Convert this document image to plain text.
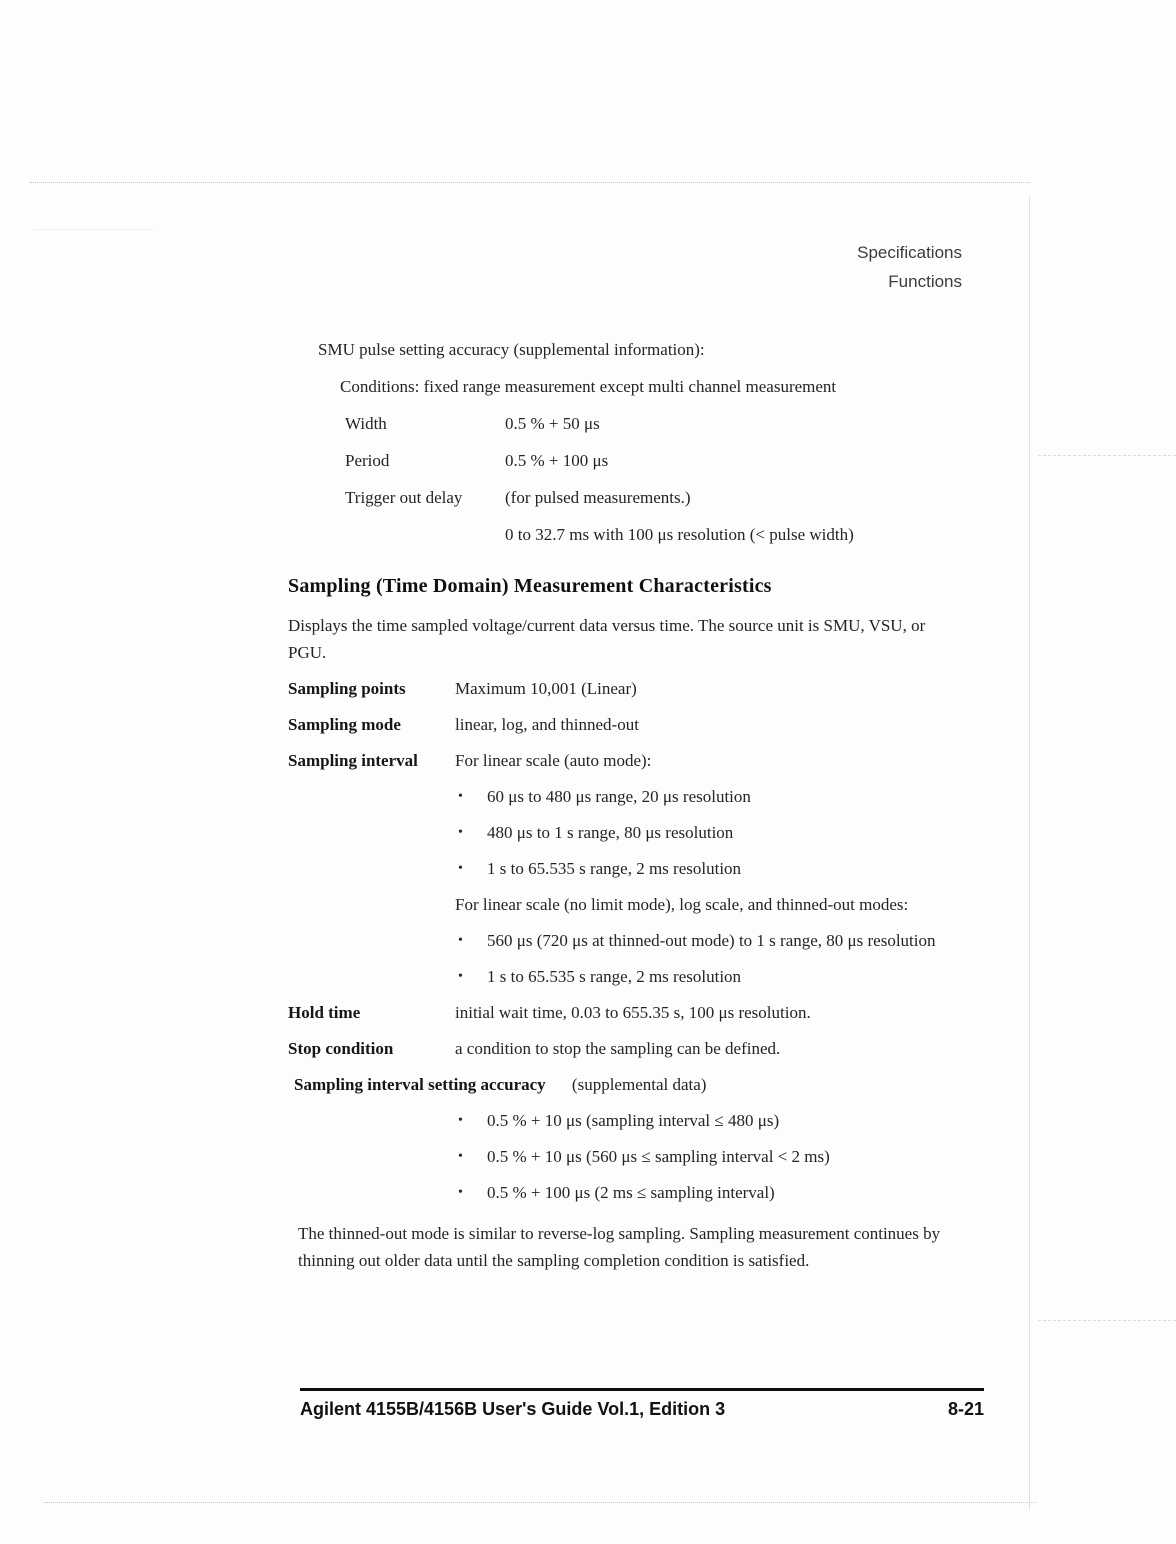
Specifications
Functions
SMU pulse setting accuracy (supplemental information):
Conditions: fixed range measurement except multi channel measurement
Width	0.5 % + 50 μs
Period	0.5 % + 100 μs
Trigger out delay	(for pulsed measurements.)
0 to 32.7 ms with 100 μs resolution (< pulse width)
Sampling (Time Domain) Measurement Characteristics
Displays the time sampled voltage/current data versus time. The source unit is SMU, VSU, or PGU.
Sampling points	Maximum 10,001 (Linear)
Sampling mode	linear, log, and thinned-out
Sampling interval	For linear scale (auto mode):
•	60 μs to 480 μs range, 20 μs resolution
•	480 μs to 1 s range, 80 μs resolution
•	1 s to 65.535 s range, 2 ms resolution
For linear scale (no limit mode), log scale, and thinned-out modes:
•	560 μs (720 μs at thinned-out mode) to 1 s range, 80 μs resolution
•	1 s to 65.535 s range, 2 ms resolution
Hold time	initial wait time, 0.03 to 655.35 s, 100 μs resolution.
Stop condition	a condition to stop the sampling can be defined.
Sampling interval setting accuracy (supplemental data)
•	0.5 % + 10 μs (sampling interval ≤ 480 μs)
•	0.5 % + 10 μs (560 μs ≤ sampling interval < 2 ms)
•	0.5 % + 100 μs (2 ms ≤ sampling interval)
The thinned-out mode is similar to reverse-log sampling. Sampling measurement continues by thinning out older data until the sampling completion condition is satisfied.
Agilent 4155B/4156B User's Guide Vol.1, Edition 3	8-21
